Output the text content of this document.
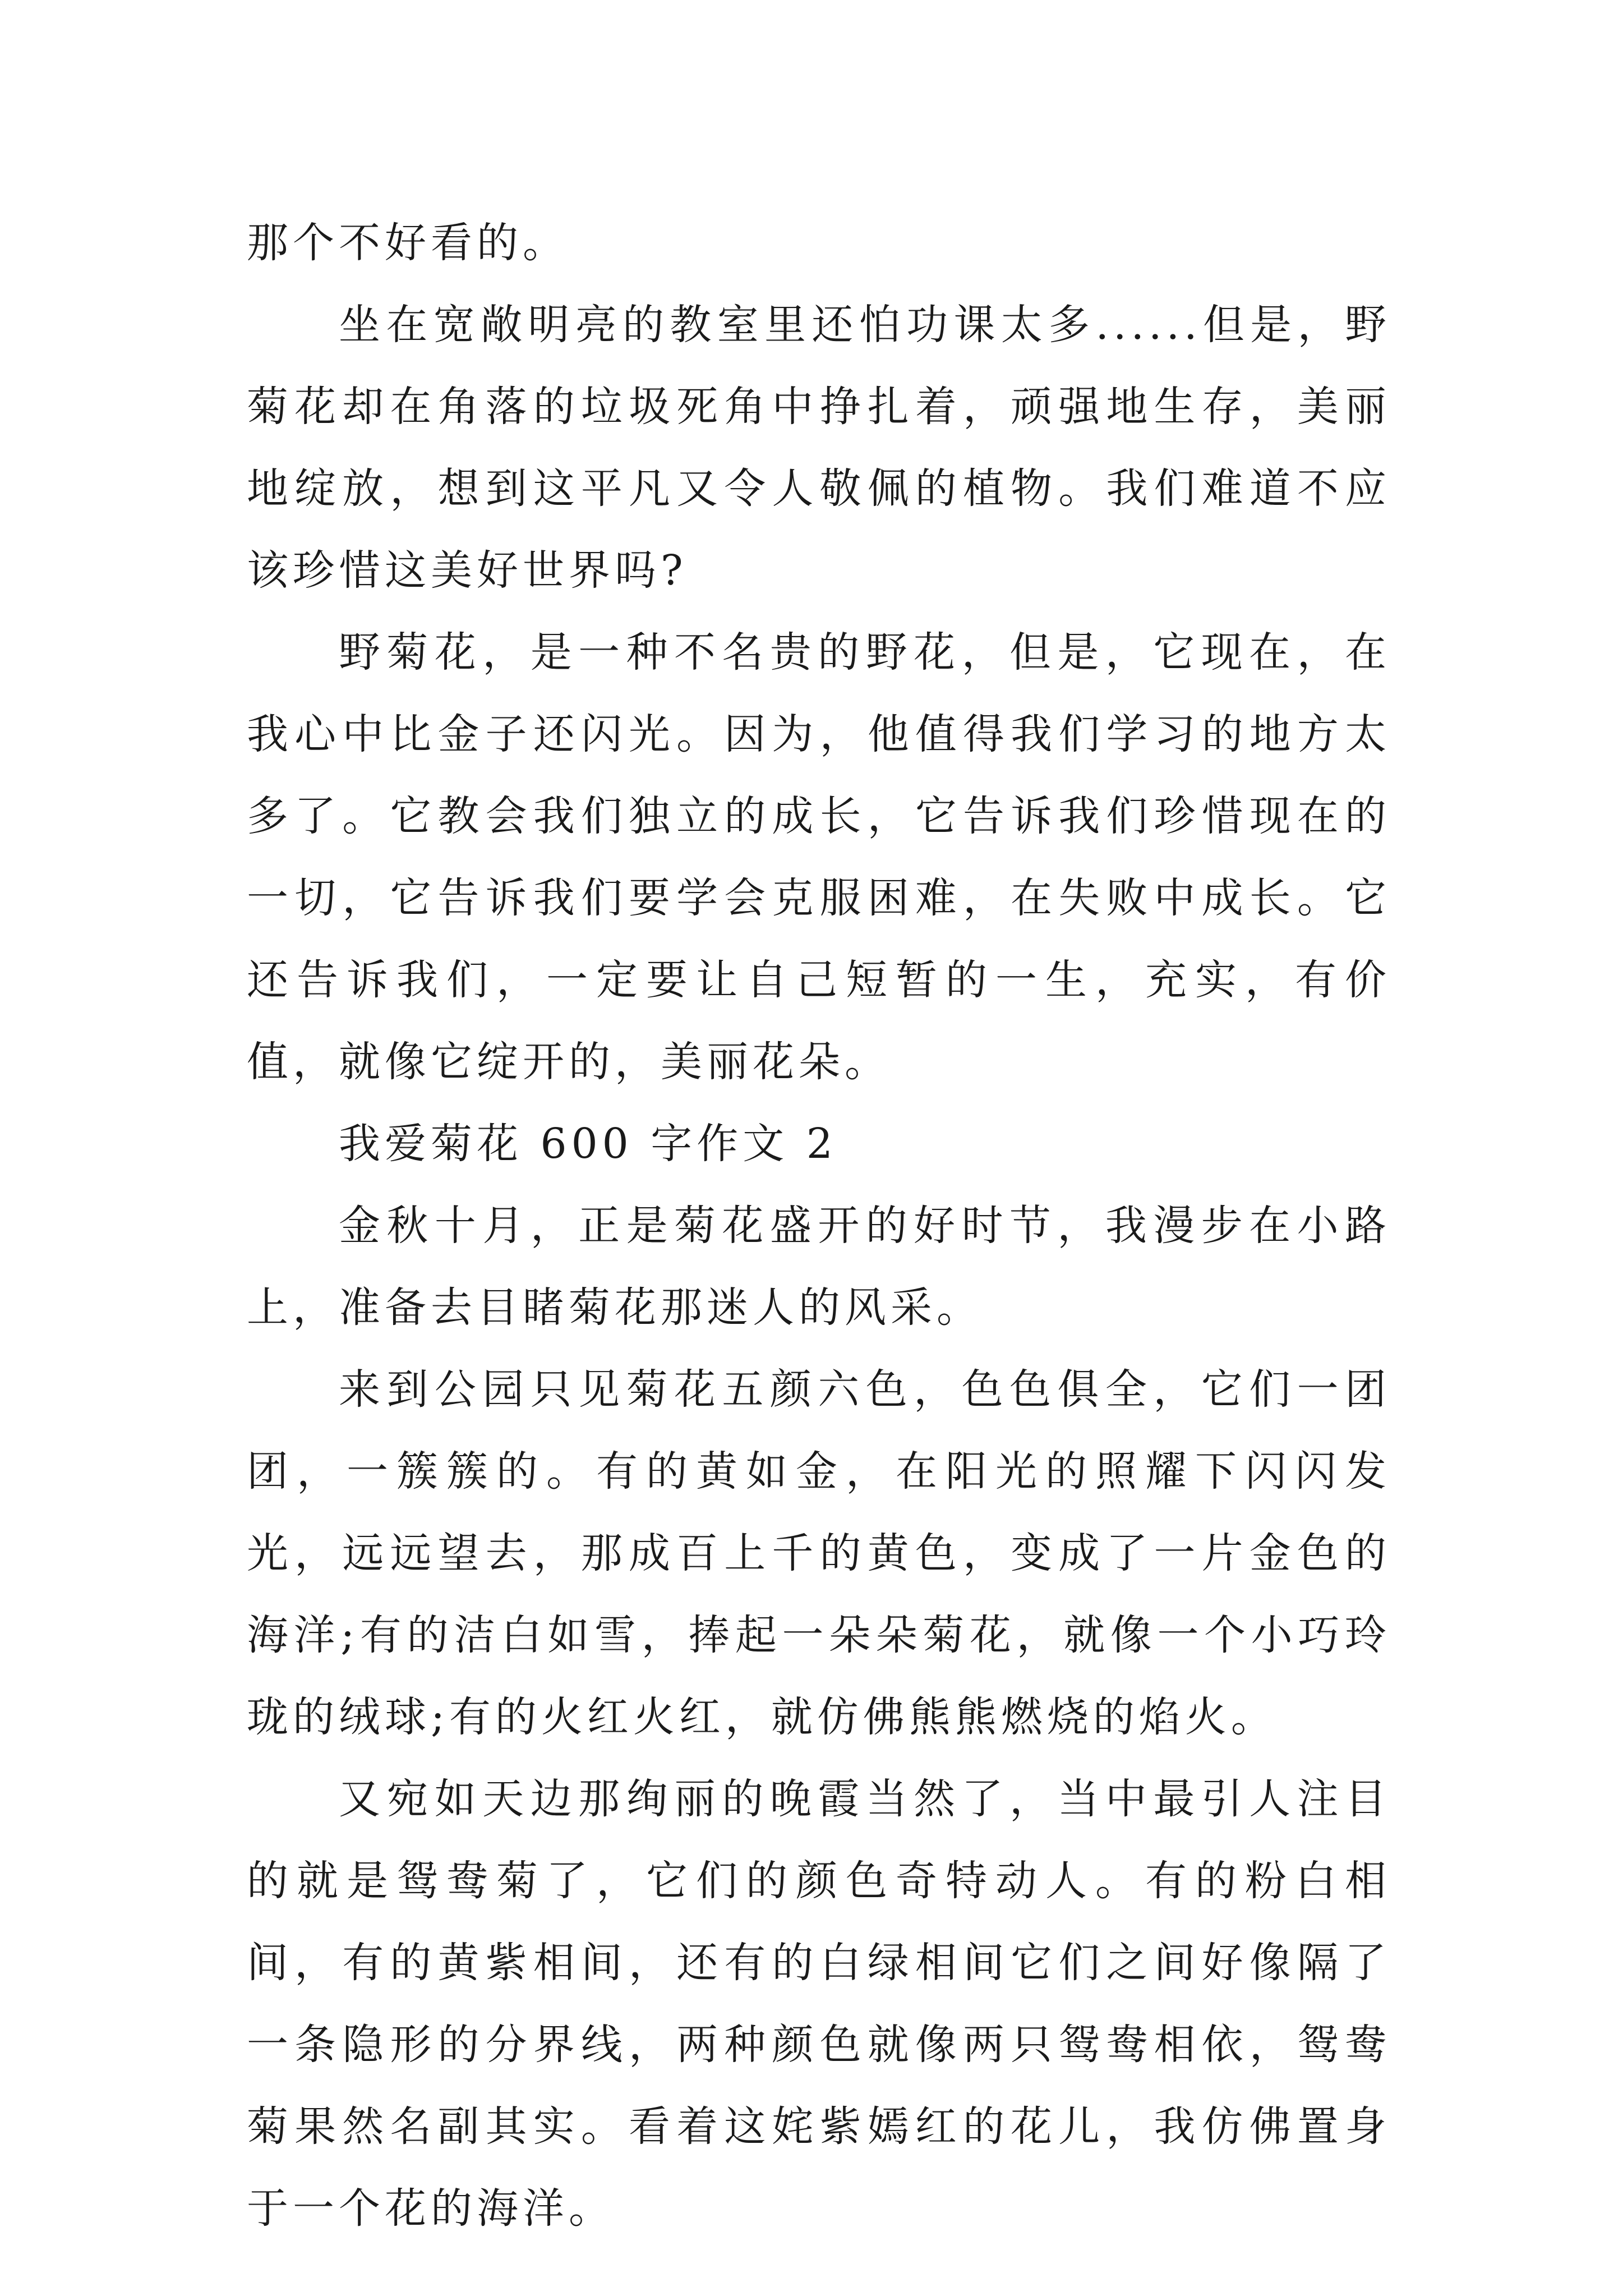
那个不好看的。

坐在宽敞明亮的教室里还怕功课太多......但是，野菊花却在角落的垃圾死角中挣扎着，顽强地生存，美丽地绽放，想到这平凡又令人敬佩的植物。我们难道不应该珍惜这美好世界吗?

野菊花，是一种不名贵的野花，但是，它现在，在我心中比金子还闪光。因为，他值得我们学习的地方太多了。它教会我们独立的成长，它告诉我们珍惜现在的一切，它告诉我们要学会克服困难，在失败中成长。它还告诉我们，一定要让自己短暂的一生，充实，有价值，就像它绽开的，美丽花朵。

我爱菊花 600 字作文 2

金秋十月，正是菊花盛开的好时节，我漫步在小路上，准备去目睹菊花那迷人的风采。

来到公园只见菊花五颜六色，色色俱全，它们一团团，一簇簇的。有的黄如金，在阳光的照耀下闪闪发光，远远望去，那成百上千的黄色，变成了一片金色的海洋;有的洁白如雪，捧起一朵朵菊花，就像一个小巧玲珑的绒球;有的火红火红，就仿佛熊熊燃烧的焰火。

又宛如天边那绚丽的晚霞当然了，当中最引人注目的就是鸳鸯菊了，它们的颜色奇特动人。有的粉白相间，有的黄紫相间，还有的白绿相间它们之间好像隔了一条隐形的分界线，两种颜色就像两只鸳鸯相依，鸳鸯菊果然名副其实。看着这姹紫嫣红的花儿，我仿佛置身于一个花的海洋。
